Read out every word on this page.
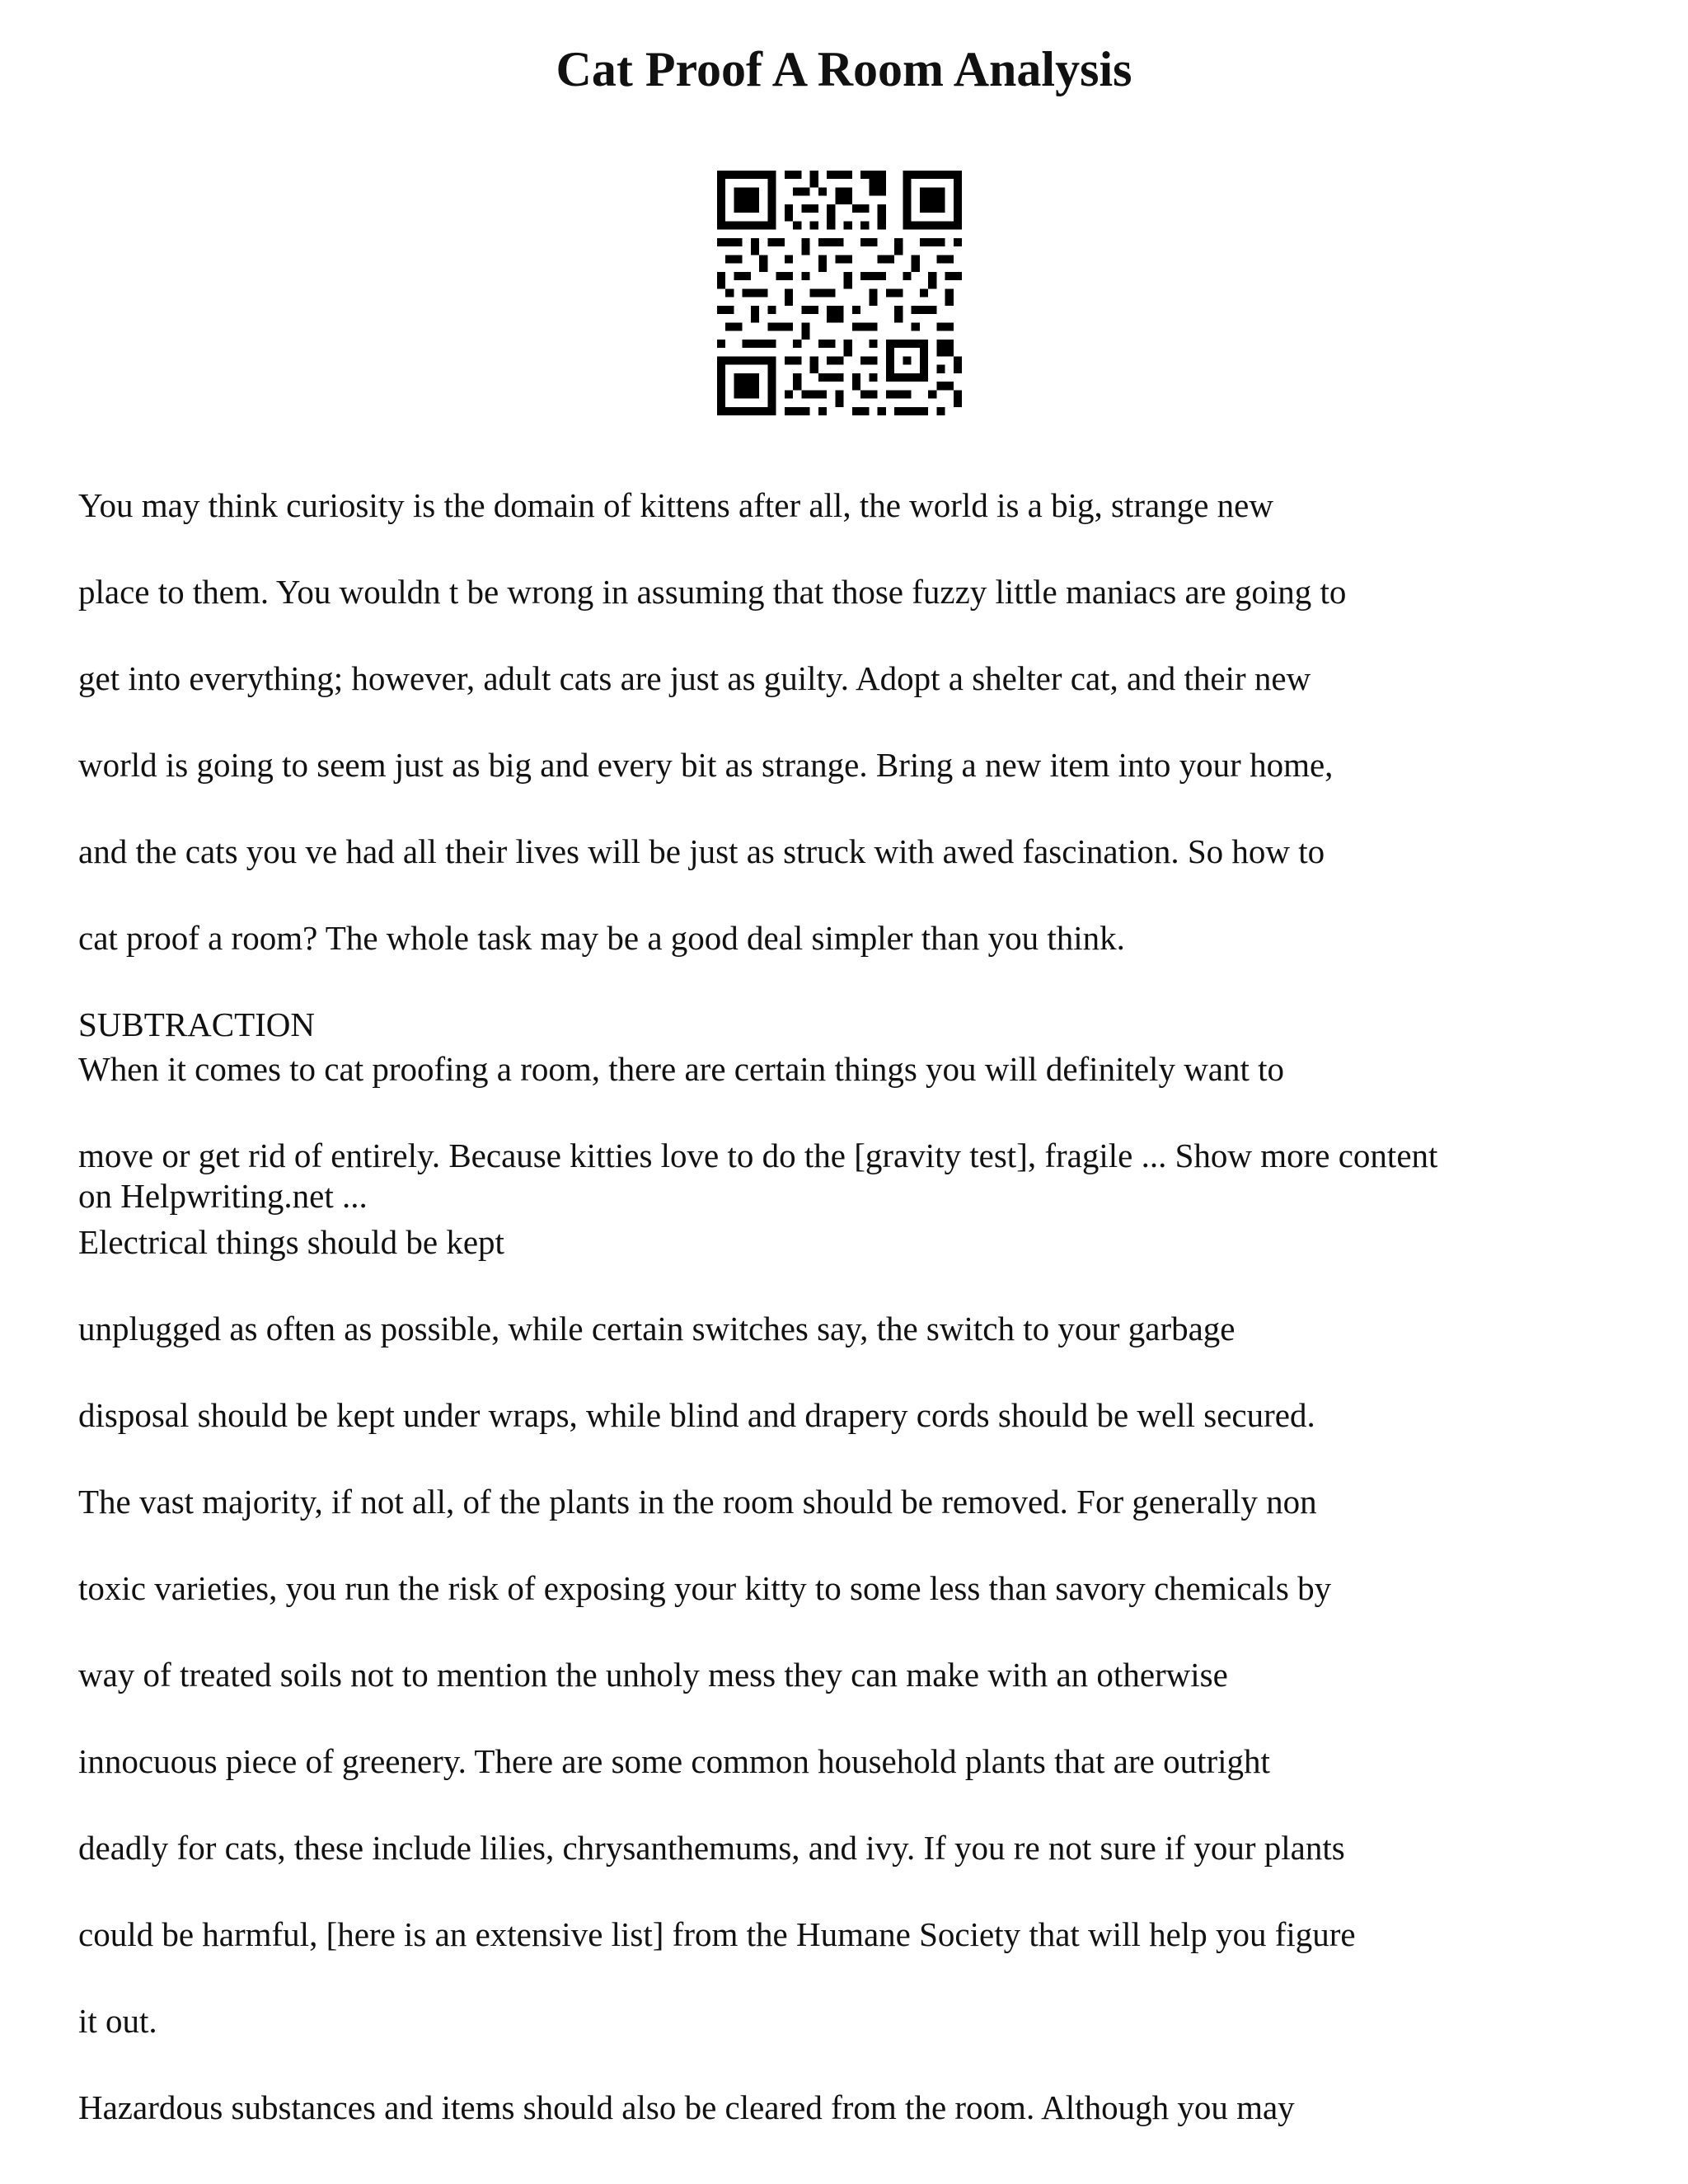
Cat Proof A Room Analysis

You may think curiosity is the domain of kittens after all, the world is a big, strange new

place to them. You wouldn t be wrong in assuming that those fuzzy little maniacs are going to

get into everything; however, adult cats are just as guilty. Adopt a shelter cat, and their new

world is going to seem just as big and every bit as strange. Bring a new item into your home,

and the cats you ve had all their lives will be just as struck with awed fascination. So how to

cat proof a room? The whole task may be a good deal simpler than you think.

SUBTRACTION

When it comes to cat proofing a room, there are certain things you will definitely want to

move or get rid of entirely. Because kitties love to do the [gravity test], fragile ... Show more content

on Helpwriting.net ...

Electrical things should be kept

unplugged as often as possible, while certain switches say, the switch to your garbage

disposal should be kept under wraps, while blind and drapery cords should be well secured.

The vast majority, if not all, of the plants in the room should be removed. For generally non

toxic varieties, you run the risk of exposing your kitty to some less than savory chemicals by

way of treated soils not to mention the unholy mess they can make with an otherwise

innocuous piece of greenery. There are some common household plants that are outright

deadly for cats, these include lilies, chrysanthemums, and ivy. If you re not sure if your plants

could be harmful, [here is an extensive list] from the Humane Society that will help you figure

it out.

Hazardous substances and items should also be cleared from the room. Although you may
